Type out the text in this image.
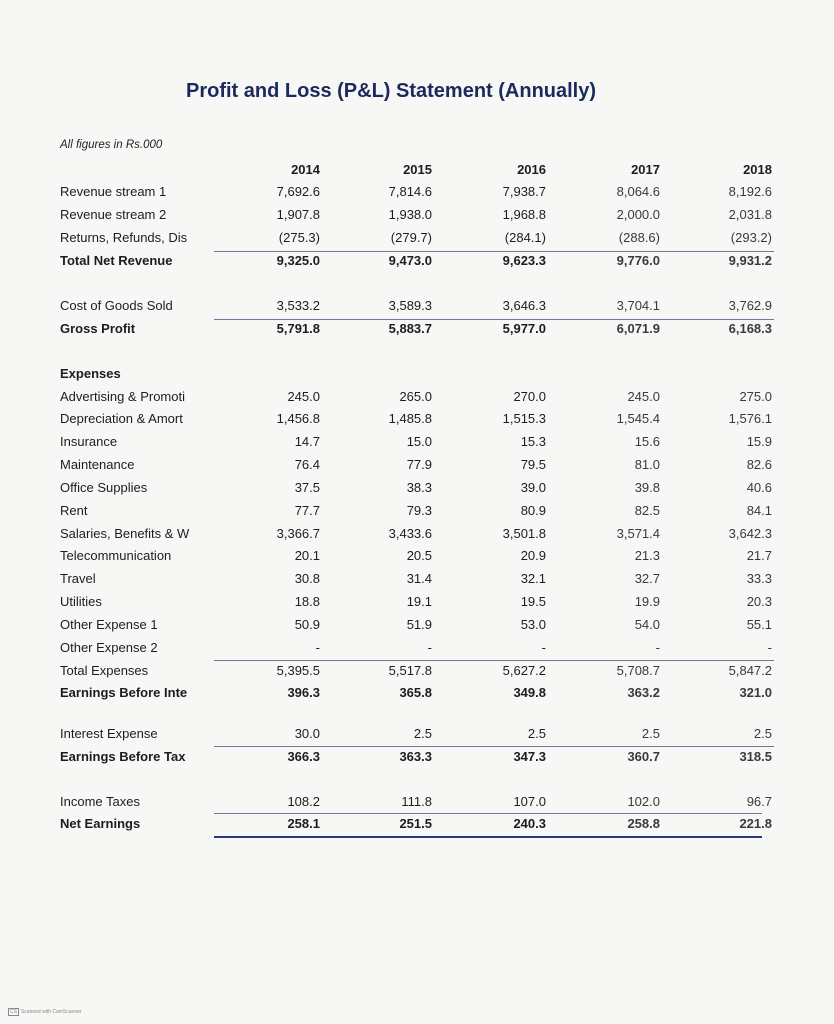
Profit and Loss (P&L) Statement (Annually)
All figures in Rs.000
2014	2015	2016	2017	2018
Revenue stream 1	7,692.6	7,814.6	7,938.7	8,064.6	8,192.6
Revenue stream 2	1,907.8	1,938.0	1,968.8	2,000.0	2,031.8
Returns, Refunds, Dis	(275.3)	(279.7)	(284.1)	(288.6)	(293.2)
Total Net Revenue	9,325.0	9,473.0	9,623.3	9,776.0	9,931.2
Cost of Goods Sold	3,533.2	3,589.3	3,646.3	3,704.1	3,762.9
Gross Profit	5,791.8	5,883.7	5,977.0	6,071.9	6,168.3
Expenses
Advertising & Promoti	245.0	265.0	270.0	245.0	275.0
Depreciation & Amort	1,456.8	1,485.8	1,515.3	1,545.4	1,576.1
Insurance	14.7	15.0	15.3	15.6	15.9
Maintenance	76.4	77.9	79.5	81.0	82.6
Office Supplies	37.5	38.3	39.0	39.8	40.6
Rent	77.7	79.3	80.9	82.5	84.1
Salaries, Benefits & W	3,366.7	3,433.6	3,501.8	3,571.4	3,642.3
Telecommunication	20.1	20.5	20.9	21.3	21.7
Travel	30.8	31.4	32.1	32.7	33.3
Utilities	18.8	19.1	19.5	19.9	20.3
Other Expense 1	50.9	51.9	53.0	54.0	55.1
Other Expense 2	-	-	-	-	-
Total Expenses	5,395.5	5,517.8	5,627.2	5,708.7	5,847.2
Earnings Before Inte	396.3	365.8	349.8	363.2	321.0
Interest Expense	30.0	2.5	2.5	2.5	2.5
Earnings Before Tax	366.3	363.3	347.3	360.7	318.5
Income Taxes	108.2	111.8	107.0	102.0	96.7
Net Earnings	258.1	251.5	240.3	258.8	221.8
CS Scanned with CamScanner
